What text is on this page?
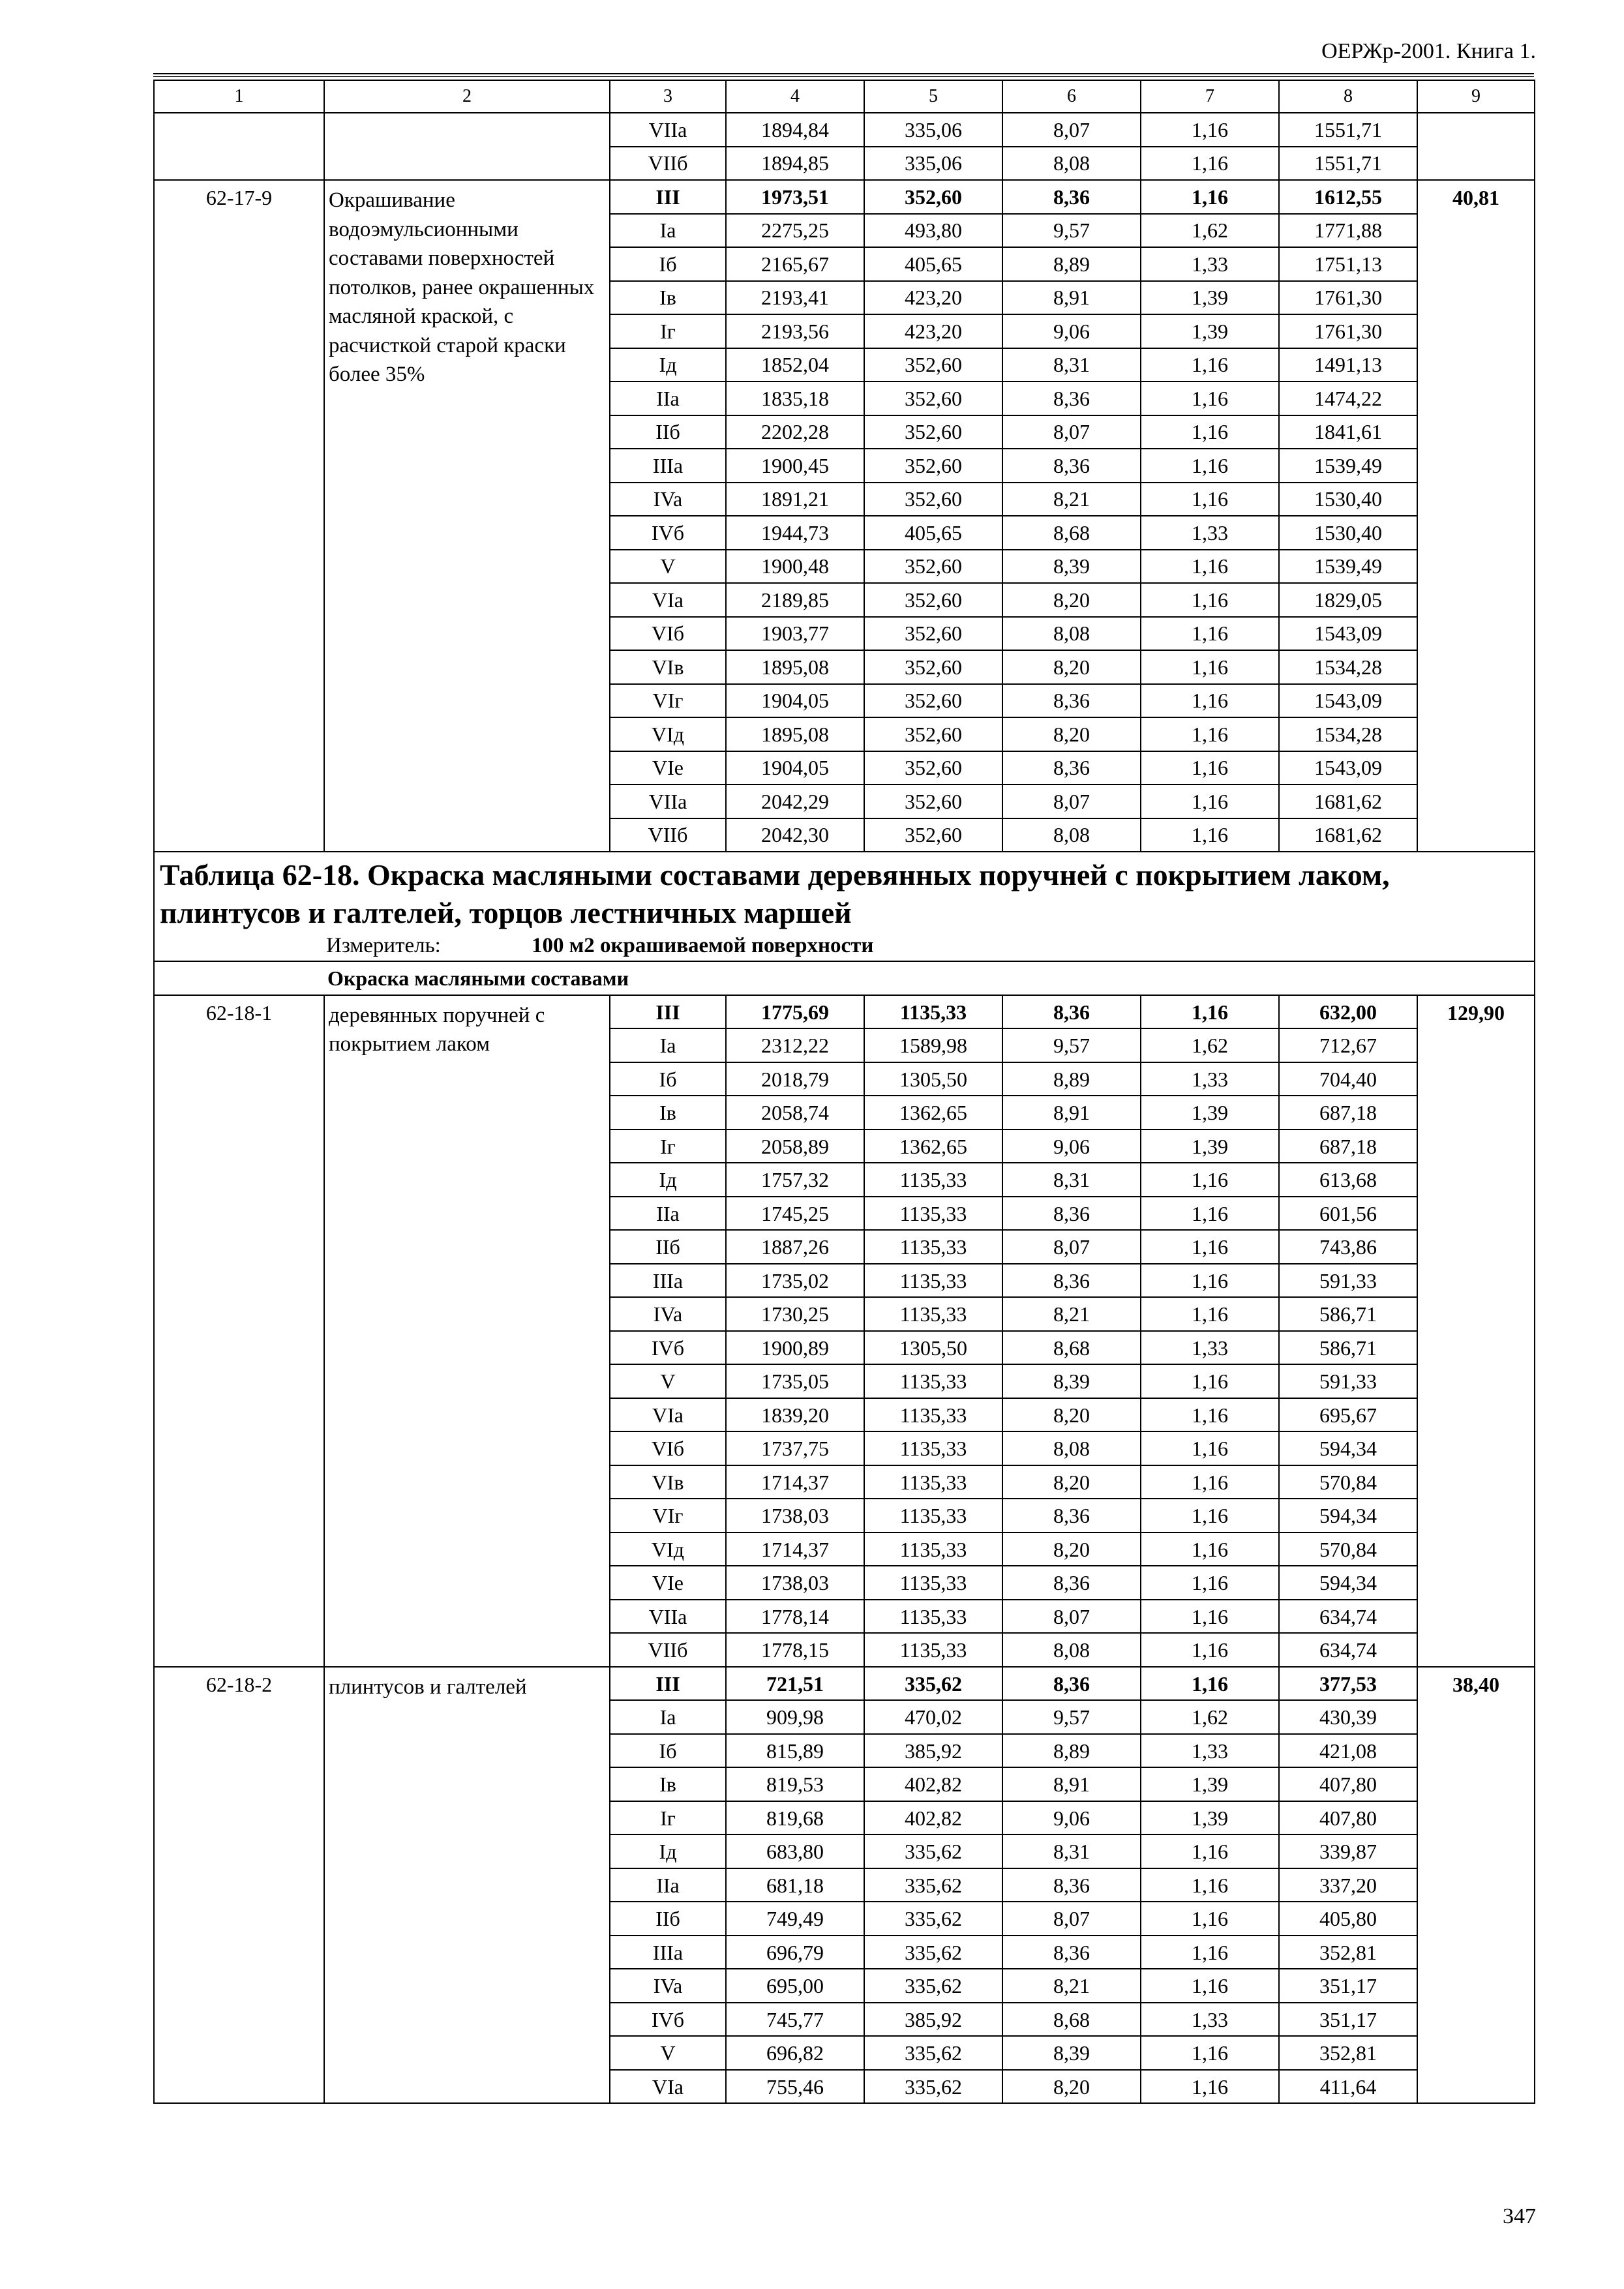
ОЕРЖр-2001. Книга 1.
1	2	3	4	5	6	7	8	9
		VIIa	1894,84	335,06	8,07	1,16	1551,71	
		VIIб	1894,85	335,06	8,08	1,16	1551,71	
62-17-9	Окрашивание водоэмульсионными составами поверхностей потолков, ранее окрашенных масляной краской, с расчисткой старой краски более 35%	III	1973,51	352,60	8,36	1,16	1612,55	40,81
		Ia	2275,25	493,80	9,57	1,62	1771,88	
		Iб	2165,67	405,65	8,89	1,33	1751,13	
		Iв	2193,41	423,20	8,91	1,39	1761,30	
		Iг	2193,56	423,20	9,06	1,39	1761,30	
		Iд	1852,04	352,60	8,31	1,16	1491,13	
		IIa	1835,18	352,60	8,36	1,16	1474,22	
		IIб	2202,28	352,60	8,07	1,16	1841,61	
		IIIa	1900,45	352,60	8,36	1,16	1539,49	
		IVa	1891,21	352,60	8,21	1,16	1530,40	
		IVб	1944,73	405,65	8,68	1,33	1530,40	
		V	1900,48	352,60	8,39	1,16	1539,49	
		VIa	2189,85	352,60	8,20	1,16	1829,05	
		VIб	1903,77	352,60	8,08	1,16	1543,09	
		VIв	1895,08	352,60	8,20	1,16	1534,28	
		VIг	1904,05	352,60	8,36	1,16	1543,09	
		VIд	1895,08	352,60	8,20	1,16	1534,28	
		VIe	1904,05	352,60	8,36	1,16	1543,09	
		VIIa	2042,29	352,60	8,07	1,16	1681,62	
		VIIб	2042,30	352,60	8,08	1,16	1681,62	

Таблица 62-18. Окраска масляными составами деревянных поручней с покрытием лаком, плинтусов и галтелей, торцов лестничных маршей
Измеритель: 100 м2 окрашиваемой поверхности								

Окраска масляными составами								
62-18-1	деревянных поручней с покрытием лаком	III	1775,69	1135,33	8,36	1,16	632,00	129,90
		Ia	2312,22	1589,98	9,57	1,62	712,67	
		Iб	2018,79	1305,50	8,89	1,33	704,40	
		Iв	2058,74	1362,65	8,91	1,39	687,18	
		Iг	2058,89	1362,65	9,06	1,39	687,18	
		Iд	1757,32	1135,33	8,31	1,16	613,68	
		IIa	1745,25	1135,33	8,36	1,16	601,56	
		IIб	1887,26	1135,33	8,07	1,16	743,86	
		IIIa	1735,02	1135,33	8,36	1,16	591,33	
		IVa	1730,25	1135,33	8,21	1,16	586,71	
		IVб	1900,89	1305,50	8,68	1,33	586,71	
		V	1735,05	1135,33	8,39	1,16	591,33	
		VIa	1839,20	1135,33	8,20	1,16	695,67	
		VIб	1737,75	1135,33	8,08	1,16	594,34	
		VIв	1714,37	1135,33	8,20	1,16	570,84	
		VIг	1738,03	1135,33	8,36	1,16	594,34	
		VIд	1714,37	1135,33	8,20	1,16	570,84	
		VIe	1738,03	1135,33	8,36	1,16	594,34	
		VIIa	1778,14	1135,33	8,07	1,16	634,74	
		VIIб	1778,15	1135,33	8,08	1,16	634,74	
62-18-2	плинтусов и галтелей	III	721,51	335,62	8,36	1,16	377,53	38,40
		Ia	909,98	470,02	9,57	1,62	430,39	
		Iб	815,89	385,92	8,89	1,33	421,08	
		Iв	819,53	402,82	8,91	1,39	407,80	
		Iг	819,68	402,82	9,06	1,39	407,80	
		Iд	683,80	335,62	8,31	1,16	339,87	
		IIa	681,18	335,62	8,36	1,16	337,20	
		IIб	749,49	335,62	8,07	1,16	405,80	
		IIIa	696,79	335,62	8,36	1,16	352,81	
		IVa	695,00	335,62	8,21	1,16	351,17	
		IVб	745,77	385,92	8,68	1,33	351,17	
		V	696,82	335,62	8,39	1,16	352,81	
		VIa	755,46	335,62	8,20	1,16	411,64	
347
